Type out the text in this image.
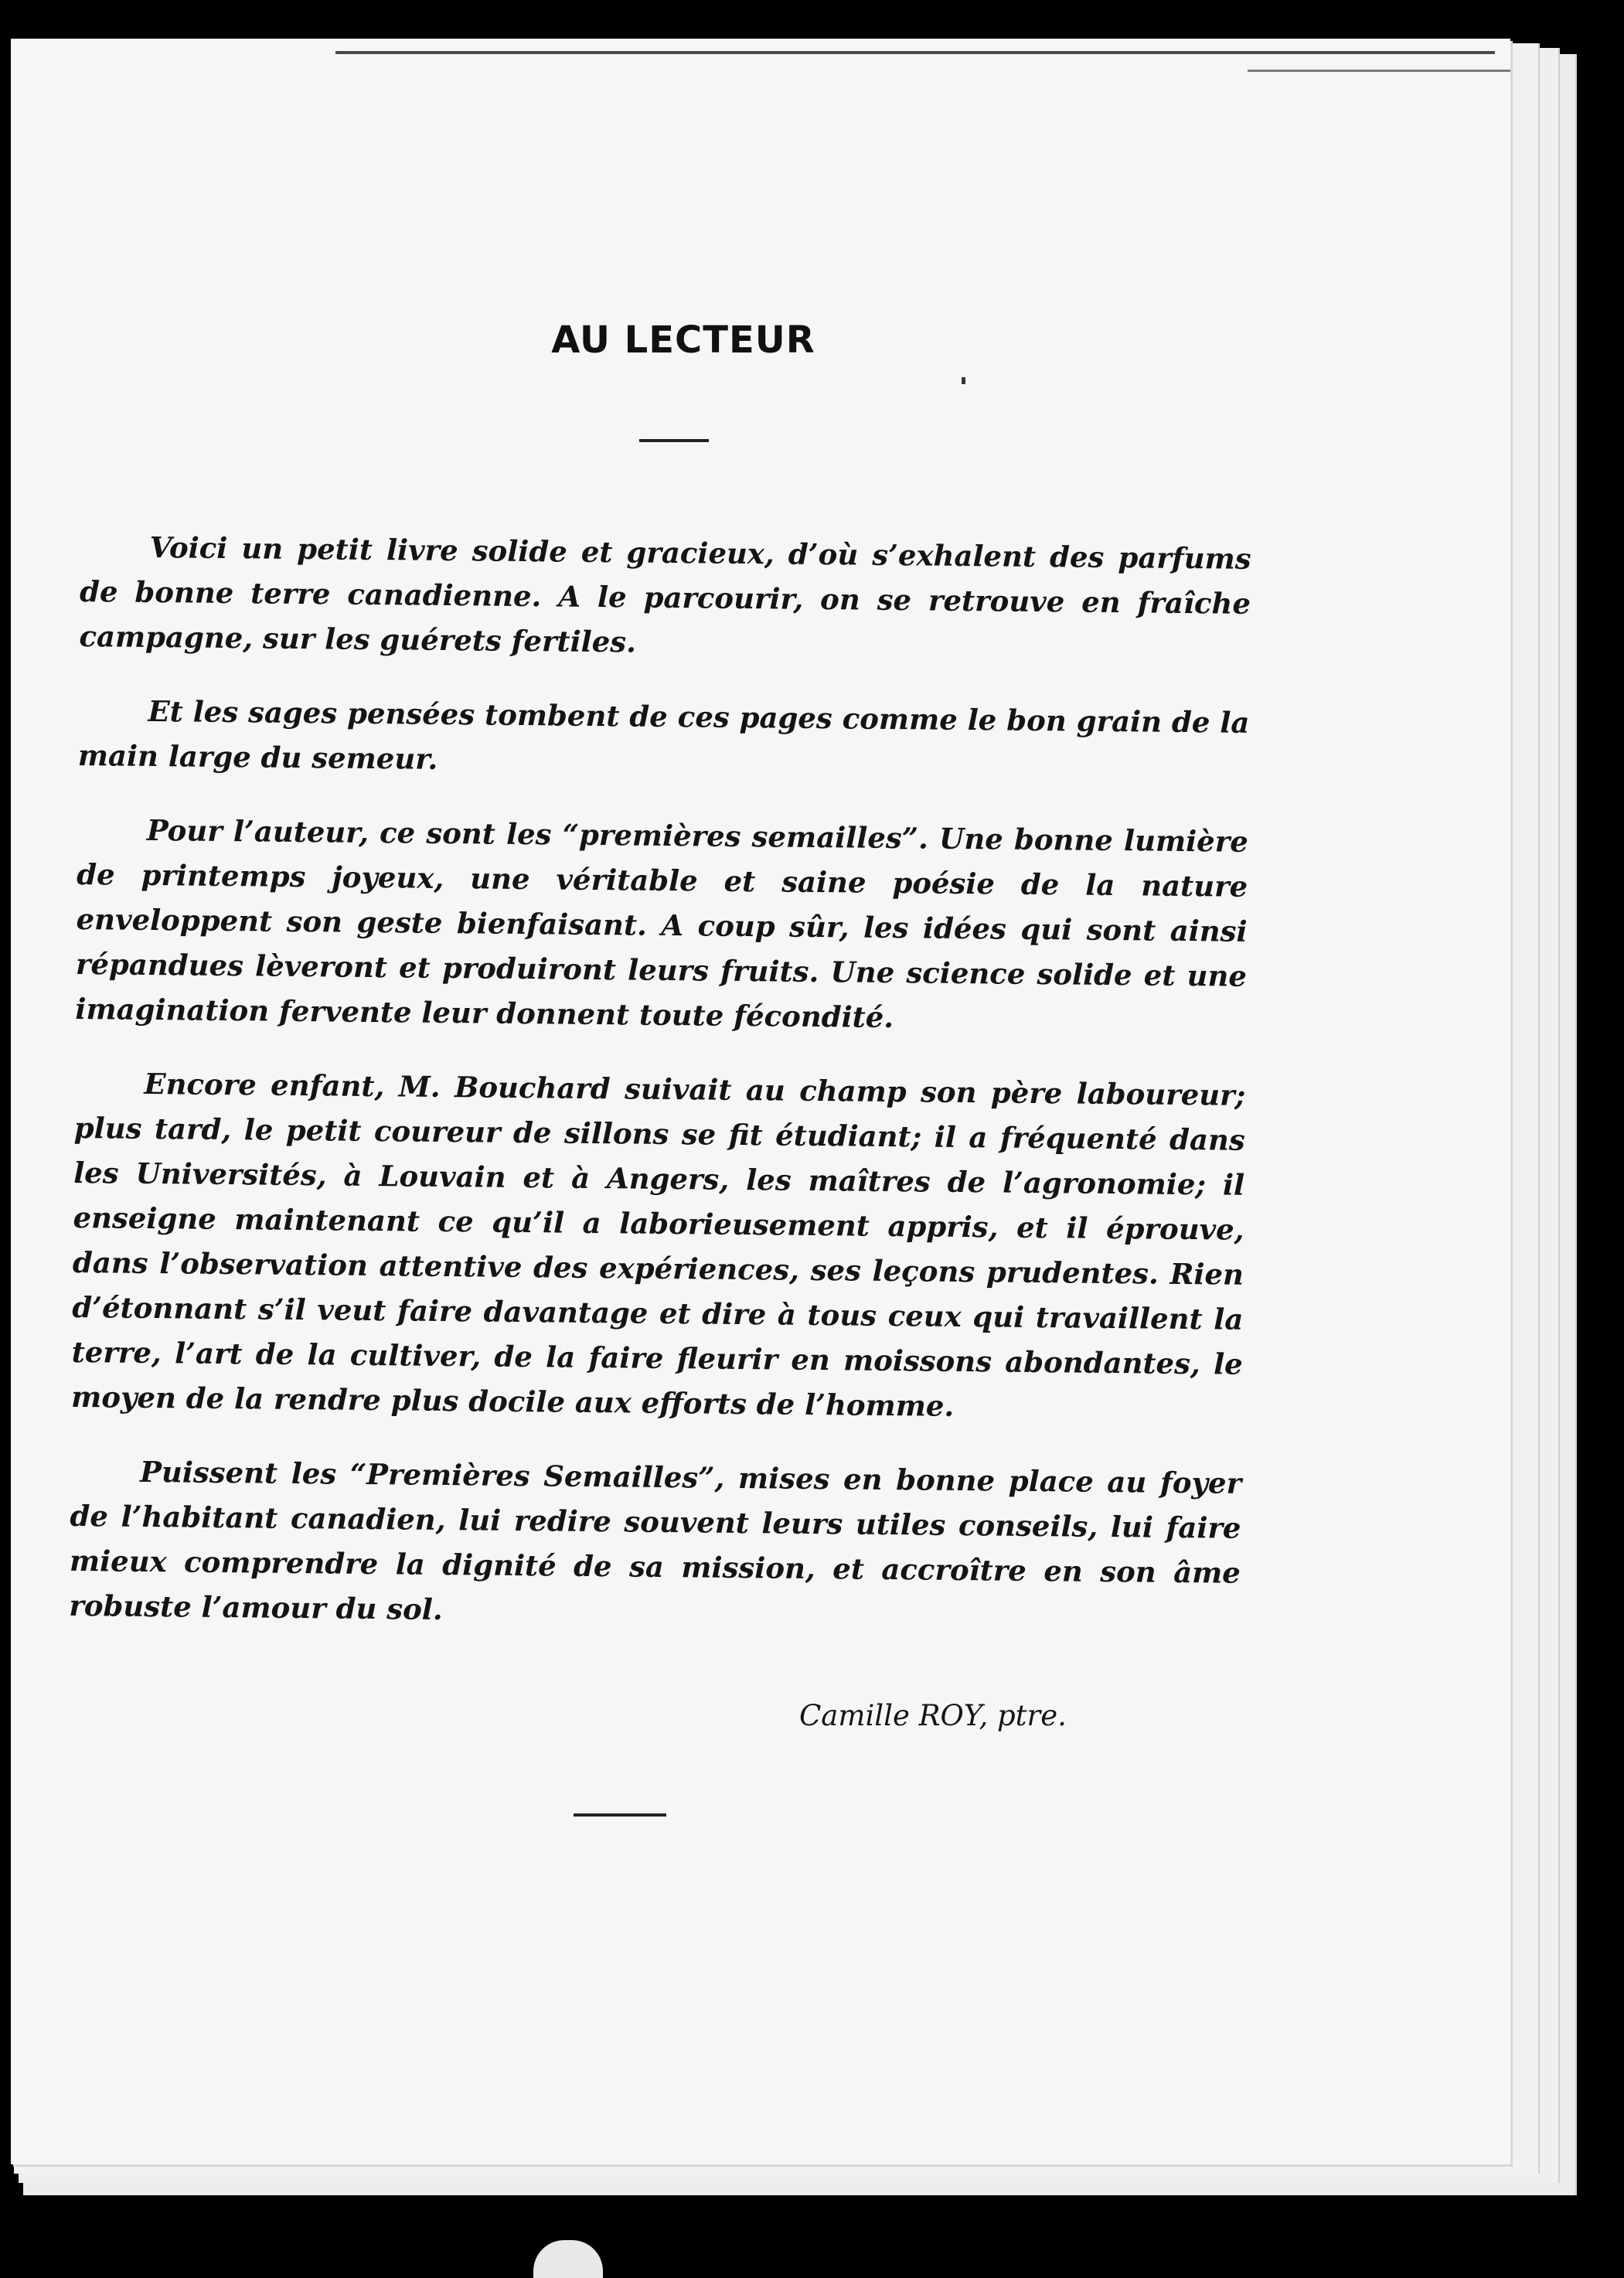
AU LECTEUR

Voici un petit livre solide et gracieux, d’où s’exhalent des parfums de bonne terre canadienne. A le parcourir, on se retrouve en fraîche campagne, sur les guérets fertiles.

Et les sages pensées tombent de ces pages comme le bon grain de la main large du semeur.

Pour l’auteur, ce sont les “premières semailles”. Une bonne lumière de printemps joyeux, une véritable et saine poésie de la nature enveloppent son geste bienfaisant. A coup sûr, les idées qui sont ainsi répandues lèveront et produiront leurs fruits. Une science solide et une imagination fervente leur donnent toute fécondité.

Encore enfant, M. Bouchard suivait au champ son père laboureur; plus tard, le petit coureur de sillons se fit étudiant; il a fréquenté dans les Universités, à Louvain et à Angers, les maîtres de l’agronomie; il enseigne maintenant ce qu’il a laborieusement appris, et il éprouve, dans l’observation attentive des expériences, ses leçons prudentes. Rien d’étonnant s’il veut faire davantage et dire à tous ceux qui travaillent la terre, l’art de la cultiver, de la faire fleurir en moissons abondantes, le moyen de la rendre plus docile aux efforts de l’homme.

Puissent les “Premières Semailles”, mises en bonne place au foyer de l’habitant canadien, lui redire souvent leurs utiles conseils, lui faire mieux comprendre la dignité de sa mission, et accroître en son âme robuste l’amour du sol.

Camille ROY, ptre.
